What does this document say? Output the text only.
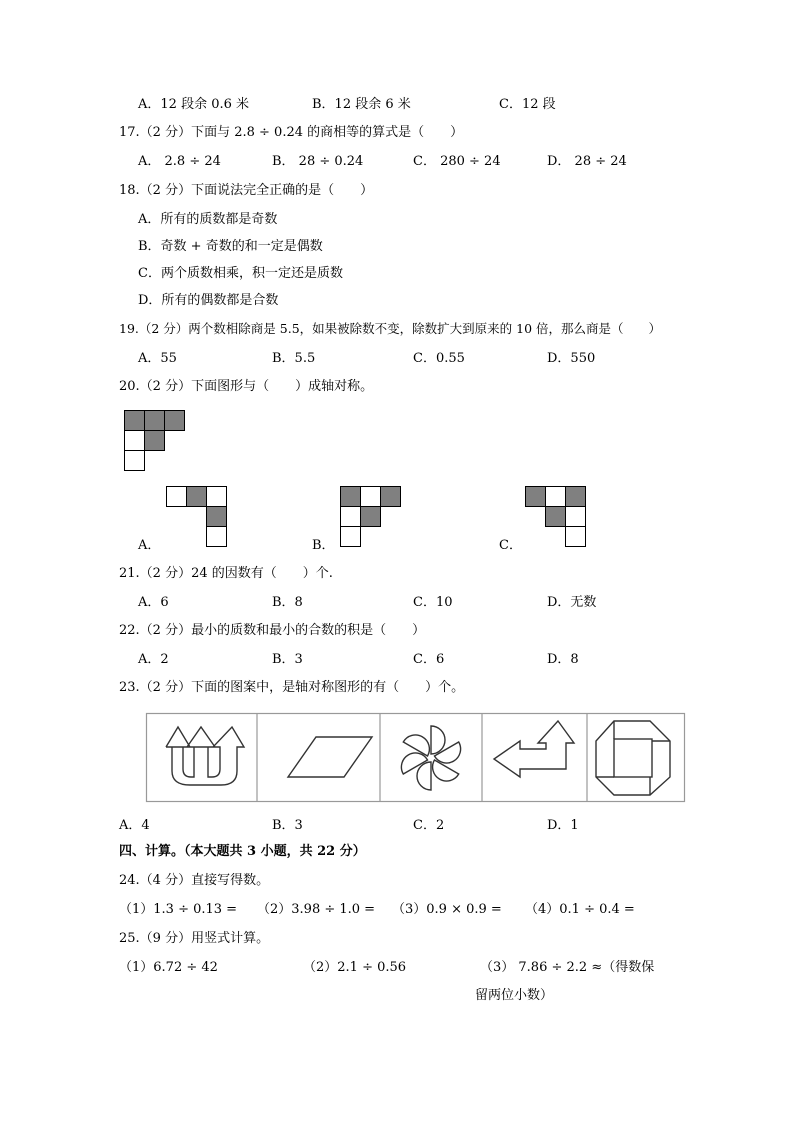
A．12 段余 0.6 米	B．12 段余 6 米	C．12 段
17.（2 分）下面与 2.8 ÷ 0.24 的商相等的算式是（　　）
A． 2.8 ÷ 24	B． 28 ÷ 0.24	C． 280 ÷ 24	D． 28 ÷ 24
18.（2 分）下面说法完全正确的是（　　）
A．所有的质数都是奇数
B．奇数 + 奇数的和一定是偶数
C．两个质数相乘，积一定还是质数
D．所有的偶数都是合数
19.（2 分）两个数相除商是 5.5，如果被除数不变，除数扩大到原来的 10 倍，那么商是（　　）
A．55	B．5.5	C．0.55	D．550
20.（2 分）下面图形与（　　）成轴对称。
A．	B．	C．
21.（2 分）24 的因数有（　　）个.
A．6	B．8	C．10	D．无数
22.（2 分）最小的质数和最小的合数的积是（　　）
A．2	B．3	C．6	D．8
23.（2 分）下面的图案中，是轴对称图形的有（　　）个。
A．4	B．3	C．2	D．1
四、计算。（本大题共 3 小题，共 22 分）
24.（4 分）直接写得数。
（1）1.3 ÷ 0.13 = （2）3.98 ÷ 1.0 = （3）0.9 × 0.9 = （4）0.1 ÷ 0.4 =
25.（9 分）用竖式计算。
（1）6.72 ÷ 42	（2）2.1 ÷ 0.56	（3） 7.86 ÷ 2.2 ≈（得数保
留两位小数）
